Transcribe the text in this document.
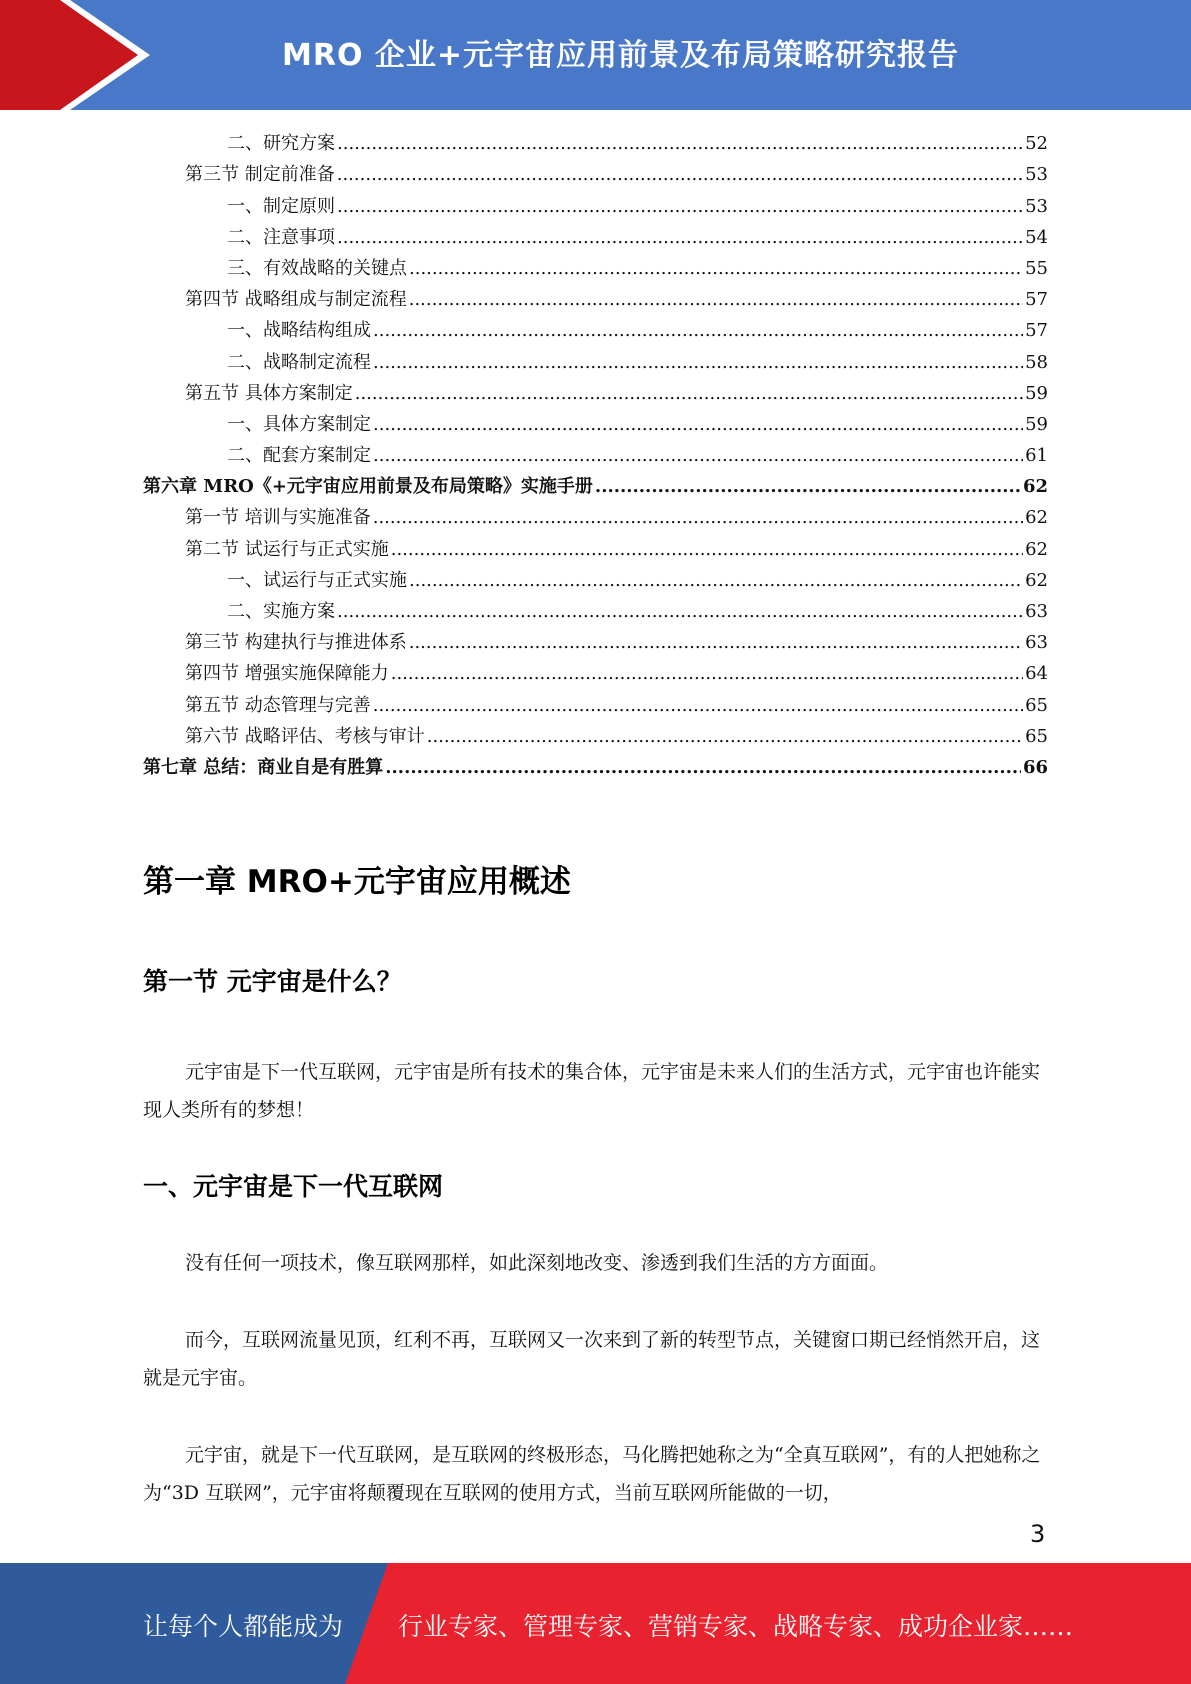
MRO 企业+元宇宙应用前景及布局策略研究报告
二、研究方案 .....	52
第三节 制定前准备 .....	53
一、制定原则 .....	53
二、注意事项 .....	54
三、有效战略的关键点 .....	55
第四节 战略组成与制定流程 .....	57
一、战略结构组成 .....	57
二、战略制定流程 .....	58
第五节 具体方案制定 .....	59
一、具体方案制定 .....	59
二、配套方案制定 .....	61
第六章 MRO《+元宇宙应用前景及布局策略》实施手册 .....	62
第一节 培训与实施准备 .....	62
第二节 试运行与正式实施 .....	62
一、试运行与正式实施 .....	62
二、实施方案 .....	63
第三节 构建执行与推进体系 .....	63
第四节 增强实施保障能力 .....	64
第五节 动态管理与完善 .....	65
第六节 战略评估、考核与审计 .....	65
第七章 总结：商业自是有胜算 .....	66
第一章 MRO+元宇宙应用概述
第一节 元宇宙是什么？
元宇宙是下一代互联网，元宇宙是所有技术的集合体，元宇宙是未来人们的生活方式，元宇宙也许能实现人类所有的梦想！
一、元宇宙是下一代互联网
没有任何一项技术，像互联网那样，如此深刻地改变、渗透到我们生活的方方面面。
而今，互联网流量见顶，红利不再，互联网又一次来到了新的转型节点，关键窗口期已经悄然开启，这就是元宇宙。
元宇宙，就是下一代互联网，是互联网的终极形态，马化腾把她称之为“全真互联网”，有的人把她称之为“3D 互联网”，元宇宙将颠覆现在互联网的使用方式，当前互联网所能做的一切，
3
让每个人都能成为 行业专家、管理专家、营销专家、战略专家、成功企业家……
